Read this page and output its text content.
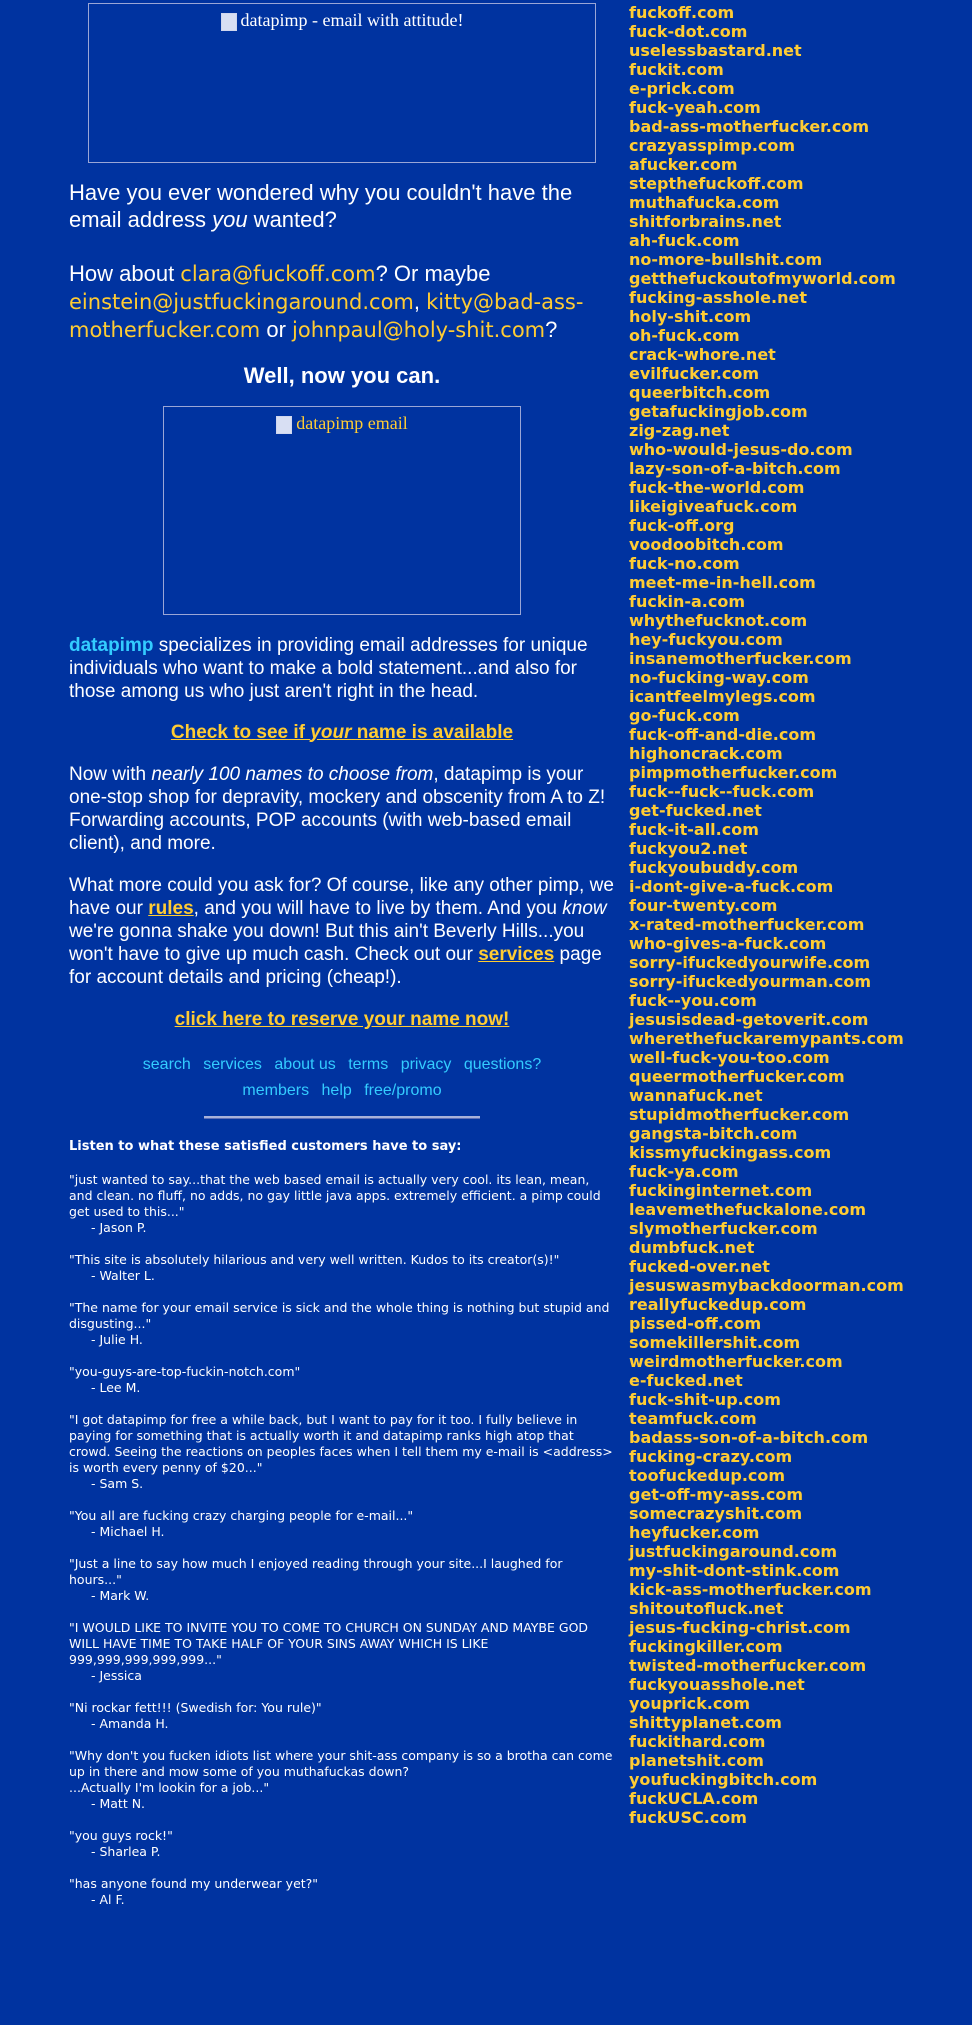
datapimp - email with attitude!

Have you ever wondered why you couldn't have the email address you wanted?

How about clara@fuckoff.com? Or maybe einstein@justfuckingaround.com, kitty@bad-ass-motherfucker.com or johnpaul@holy-shit.com?

Well, now you can.

datapimp email

datapimp specializes in providing email addresses for unique individuals who want to make a bold statement...and also for those among us who just aren't right in the head.

Check to see if your name is available

Now with nearly 100 names to choose from, datapimp is your one-stop shop for depravity, mockery and obscenity from A to Z! Forwarding accounts, POP accounts (with web-based email client), and more.

What more could you ask for? Of course, like any other pimp, we have our rules, and you will have to live by them. And you know we're gonna shake you down! But this ain't Beverly Hills...you won't have to give up much cash. Check out our services page for account details and pricing (cheap!).

click here to reserve your name now!

search services about us terms privacy questions?
members help free/promo

Listen to what these satisfied customers have to say:

"just wanted to say...that the web based email is actually very cool. its lean, mean, and clean. no fluff, no adds, no gay little java apps. extremely efficient. a pimp could get used to this..."

- Jason P.

"This site is absolutely hilarious and very well written. Kudos to its creator(s)!"

- Walter L.

"The name for your email service is sick and the whole thing is nothing but stupid and disgusting..."

- Julie H.

"you-guys-are-top-fuckin-notch.com"

- Lee M.

"I got datapimp for free a while back, but I want to pay for it too. I fully believe in paying for something that is actually worth it and datapimp ranks high atop that crowd. Seeing the reactions on peoples faces when I tell them my e-mail is <address> is worth every penny of $20..."

- Sam S.

"You all are fucking crazy charging people for e-mail..."

- Michael H.

"Just a line to say how much I enjoyed reading through your site...I laughed for hours..."

- Mark W.

"I WOULD LIKE TO INVITE YOU TO COME TO CHURCH ON SUNDAY AND MAYBE GOD WILL HAVE TIME TO TAKE HALF OF YOUR SINS AWAY WHICH IS LIKE 999,999,999,999,999..."

- Jessica

"Ni rockar fett!!! (Swedish for: You rule)"

- Amanda H.

"Why don't you fucken idiots list where your shit-ass company is so a brotha can come up in there and mow some of you muthafuckas down?
...Actually I'm lookin for a job..."

- Matt N.

"you guys rock!"

- Sharlea P.

"has anyone found my underwear yet?"

- Al F.

fuckoff.com
fuck-dot.com
uselessbastard.net
fuckit.com
e-prick.com
fuck-yeah.com
bad-ass-motherfucker.com
crazyasspimp.com
afucker.com
stepthefuckoff.com
muthafucka.com
shitforbrains.net
ah-fuck.com
no-more-bullshit.com
getthefuckoutofmyworld.com
fucking-asshole.net
holy-shit.com
oh-fuck.com
crack-whore.net
evilfucker.com
queerbitch.com
getafuckingjob.com
zig-zag.net
who-would-jesus-do.com
lazy-son-of-a-bitch.com
fuck-the-world.com
likeigiveafuck.com
fuck-off.org
voodoobitch.com
fuck-no.com
meet-me-in-hell.com
fuckin-a.com
whythefucknot.com
hey-fuckyou.com
insanemotherfucker.com
no-fucking-way.com
icantfeelmylegs.com
go-fuck.com
fuck-off-and-die.com
highoncrack.com
pimpmotherfucker.com
fuck--fuck--fuck.com
get-fucked.net
fuck-it-all.com
fuckyou2.net
fuckyoubuddy.com
i-dont-give-a-fuck.com
four-twenty.com
x-rated-motherfucker.com
who-gives-a-fuck.com
sorry-ifuckedyourwife.com
sorry-ifuckedyourman.com
fuck--you.com
jesusisdead-getoverit.com
wherethefuckaremypants.com
well-fuck-you-too.com
queermotherfucker.com
wannafuck.net
stupidmotherfucker.com
gangsta-bitch.com
kissmyfuckingass.com
fuck-ya.com
fuckinginternet.com
leavemethefuckalone.com
slymotherfucker.com
dumbfuck.net
fucked-over.net
jesuswasmybackdoorman.com
reallyfuckedup.com
pissed-off.com
somekillershit.com
weirdmotherfucker.com
e-fucked.net
fuck-shit-up.com
teamfuck.com
badass-son-of-a-bitch.com
fucking-crazy.com
toofuckedup.com
get-off-my-ass.com
somecrazyshit.com
heyfucker.com
justfuckingaround.com
my-shit-dont-stink.com
kick-ass-motherfucker.com
shitoutofluck.net
jesus-fucking-christ.com
fuckingkiller.com
twisted-motherfucker.com
fuckyouasshole.net
youprick.com
shittyplanet.com
fuckithard.com
planetshit.com
youfuckingbitch.com
fuckUCLA.com
fuckUSC.com
